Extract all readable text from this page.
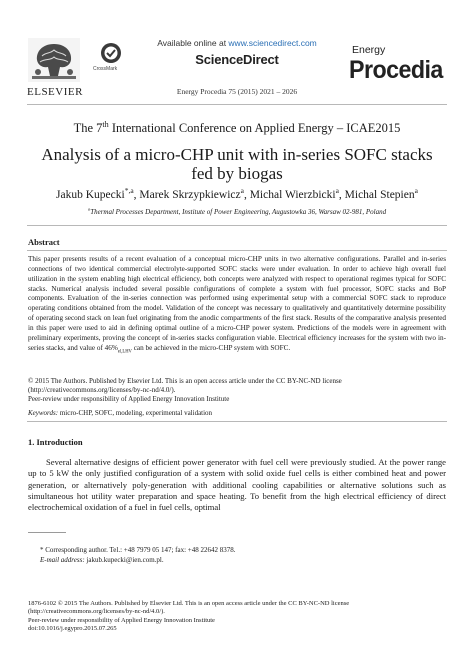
ELSEVIER
CrossMark
Available online at www.sciencedirect.com
ScienceDirect
Energy Procedia 75 (2015) 2021 – 2026
Energy
Procedia
The 7th International Conference on Applied Energy – ICAE2015
Analysis of a micro-CHP unit with in-series SOFC stacks fed by biogas
Jakub Kupecki$^{*,a}$, Marek Skrzypkiewicz$^a$, Michal Wierzbicki$^a$, Michal Stepien$^a$
$^a$Thermal Processes Department, Institute of Power Engineering, Augustowka 36, Warsaw 02-981, Poland
Abstract
This paper presents results of a recent evaluation of a conceptual micro-CHP units in two alternative configurations. Parallel and in-series connections of two identical commercial electrolyte-supported SOFC stacks were under evaluation. In order to achieve high overall fuel utilization in the system enabling high electrical efficiency, both concepts were analyzed with respect to operational regimes typical for SOFC stacks. Numerical analysis included several possible configurations of complete a system with fuel processor, SOFC stacks and BoP components. Evaluation of the in-series connection was performed using experimental setup with a commercial SOFC stack to reproduce operating conditions obtained from the model. Validation of the concept was necessary to qualitatively and quantitatively determine possibility of operating second stack on lean fuel originating from the anodic compartments of the first stack. Results of the comparative analysis presented in this paper were used to aid in defining optimal outline of a micro-CHP power system. Predictions of the models were in agreement with preliminary experiments, proving the concept of in-series stacks configuration viable. Electrical efficiency increases for the system with two in-series stacks, and value of $46\%_{el,LHV}$ can be achieved in the micro-CHP system with SOFC.
© 2015 The Authors. Published by Elsevier Ltd. This is an open access article under the CC BY-NC-ND license
(http://creativecommons.org/licenses/by-nc-nd/4.0/).
Peer-review under responsibility of Applied Energy Innovation Institute
Keywords: micro-CHP, SOFC, modeling, experimental validation
1. Introduction
Several alternative designs of efficient power generator with fuel cell were previously studied. At the power range up to 5 kW the only justified configuration of a system with solid oxide fuel cells is either combined heat and power generation, or alternatively poly-generation with additional cooling capabilities or alternative solutions such as simultaneous hot utility water preparation and space heating. To benefit from the high electrical efficiency of direct electrochemical oxidation of a fuel in fuel cells, optimal
* Corresponding author. Tel.: +48 7979 05 147; fax: +48 22642 8378.
E-mail address: jakub.kupecki@ien.com.pl.
1876-6102 © 2015 The Authors. Published by Elsevier Ltd. This is an open access article under the CC BY-NC-ND license
(http://creativecommons.org/licenses/by-nc-nd/4.0/).
Peer-review under responsibility of Applied Energy Innovation Institute
doi:10.1016/j.egypro.2015.07.265
